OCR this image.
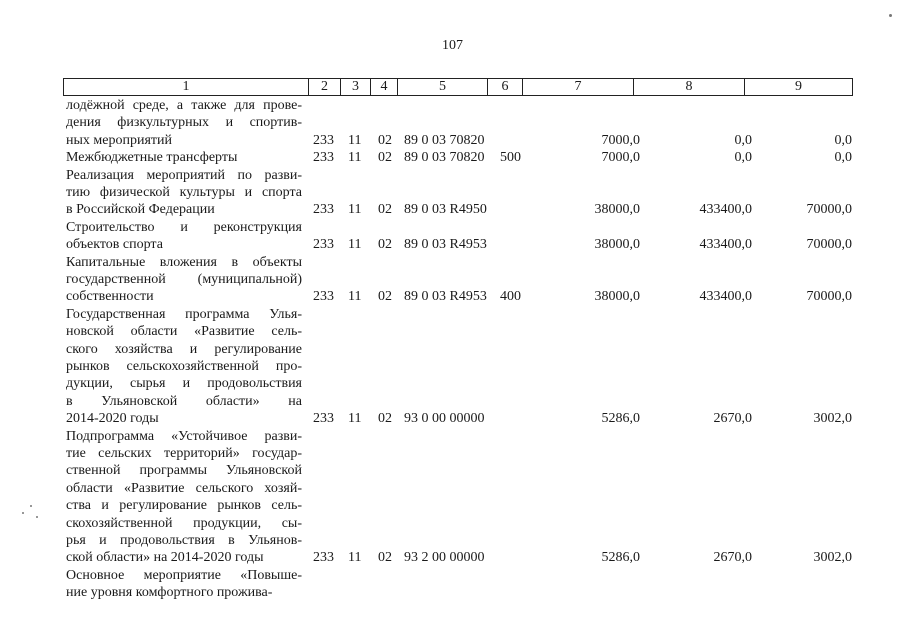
107
1	2	3	4	5	6	7	8	9
лодёжной среде, а также для прове-
дения физкультурных и спортив-
ных мероприятий	233 11 02 89 0 03 70820	7000,0	0,0	0,0
Межбюджетные трансферты	233 11 02 89 0 03 70820 500	7000,0	0,0	0,0
Реализация мероприятий по разви-
тию физической культуры и спорта
в Российской Федерации	233 11 02 89 0 03 R4950	38000,0	433400,0	70000,0
Строительство и реконструкция
объектов спорта	233 11 02 89 0 03 R4953	38000,0	433400,0	70000,0
Капитальные вложения в объекты
государственной (муниципальной)
собственности	233 11 02 89 0 03 R4953 400	38000,0	433400,0	70000,0
Государственная программа Улья-
новской области «Развитие сель-
ского хозяйства и регулирование
рынков сельскохозяйственной про-
дукции, сырья и продовольствия
в Ульяновской области» на
2014-2020 годы	233 11 02 93 0 00 00000	5286,0	2670,0	3002,0
Подпрограмма «Устойчивое разви-
тие сельских территорий» государ-
ственной программы Ульяновской
области «Развитие сельского хозяй-
ства и регулирование рынков сель-
скохозяйственной продукции, сы-
рья и продовольствия в Ульянов-
ской области» на 2014-2020 годы	233 11 02 93 2 00 00000	5286,0	2670,0	3002,0
Основное мероприятие «Повыше-
ние уровня комфортного прожива-
